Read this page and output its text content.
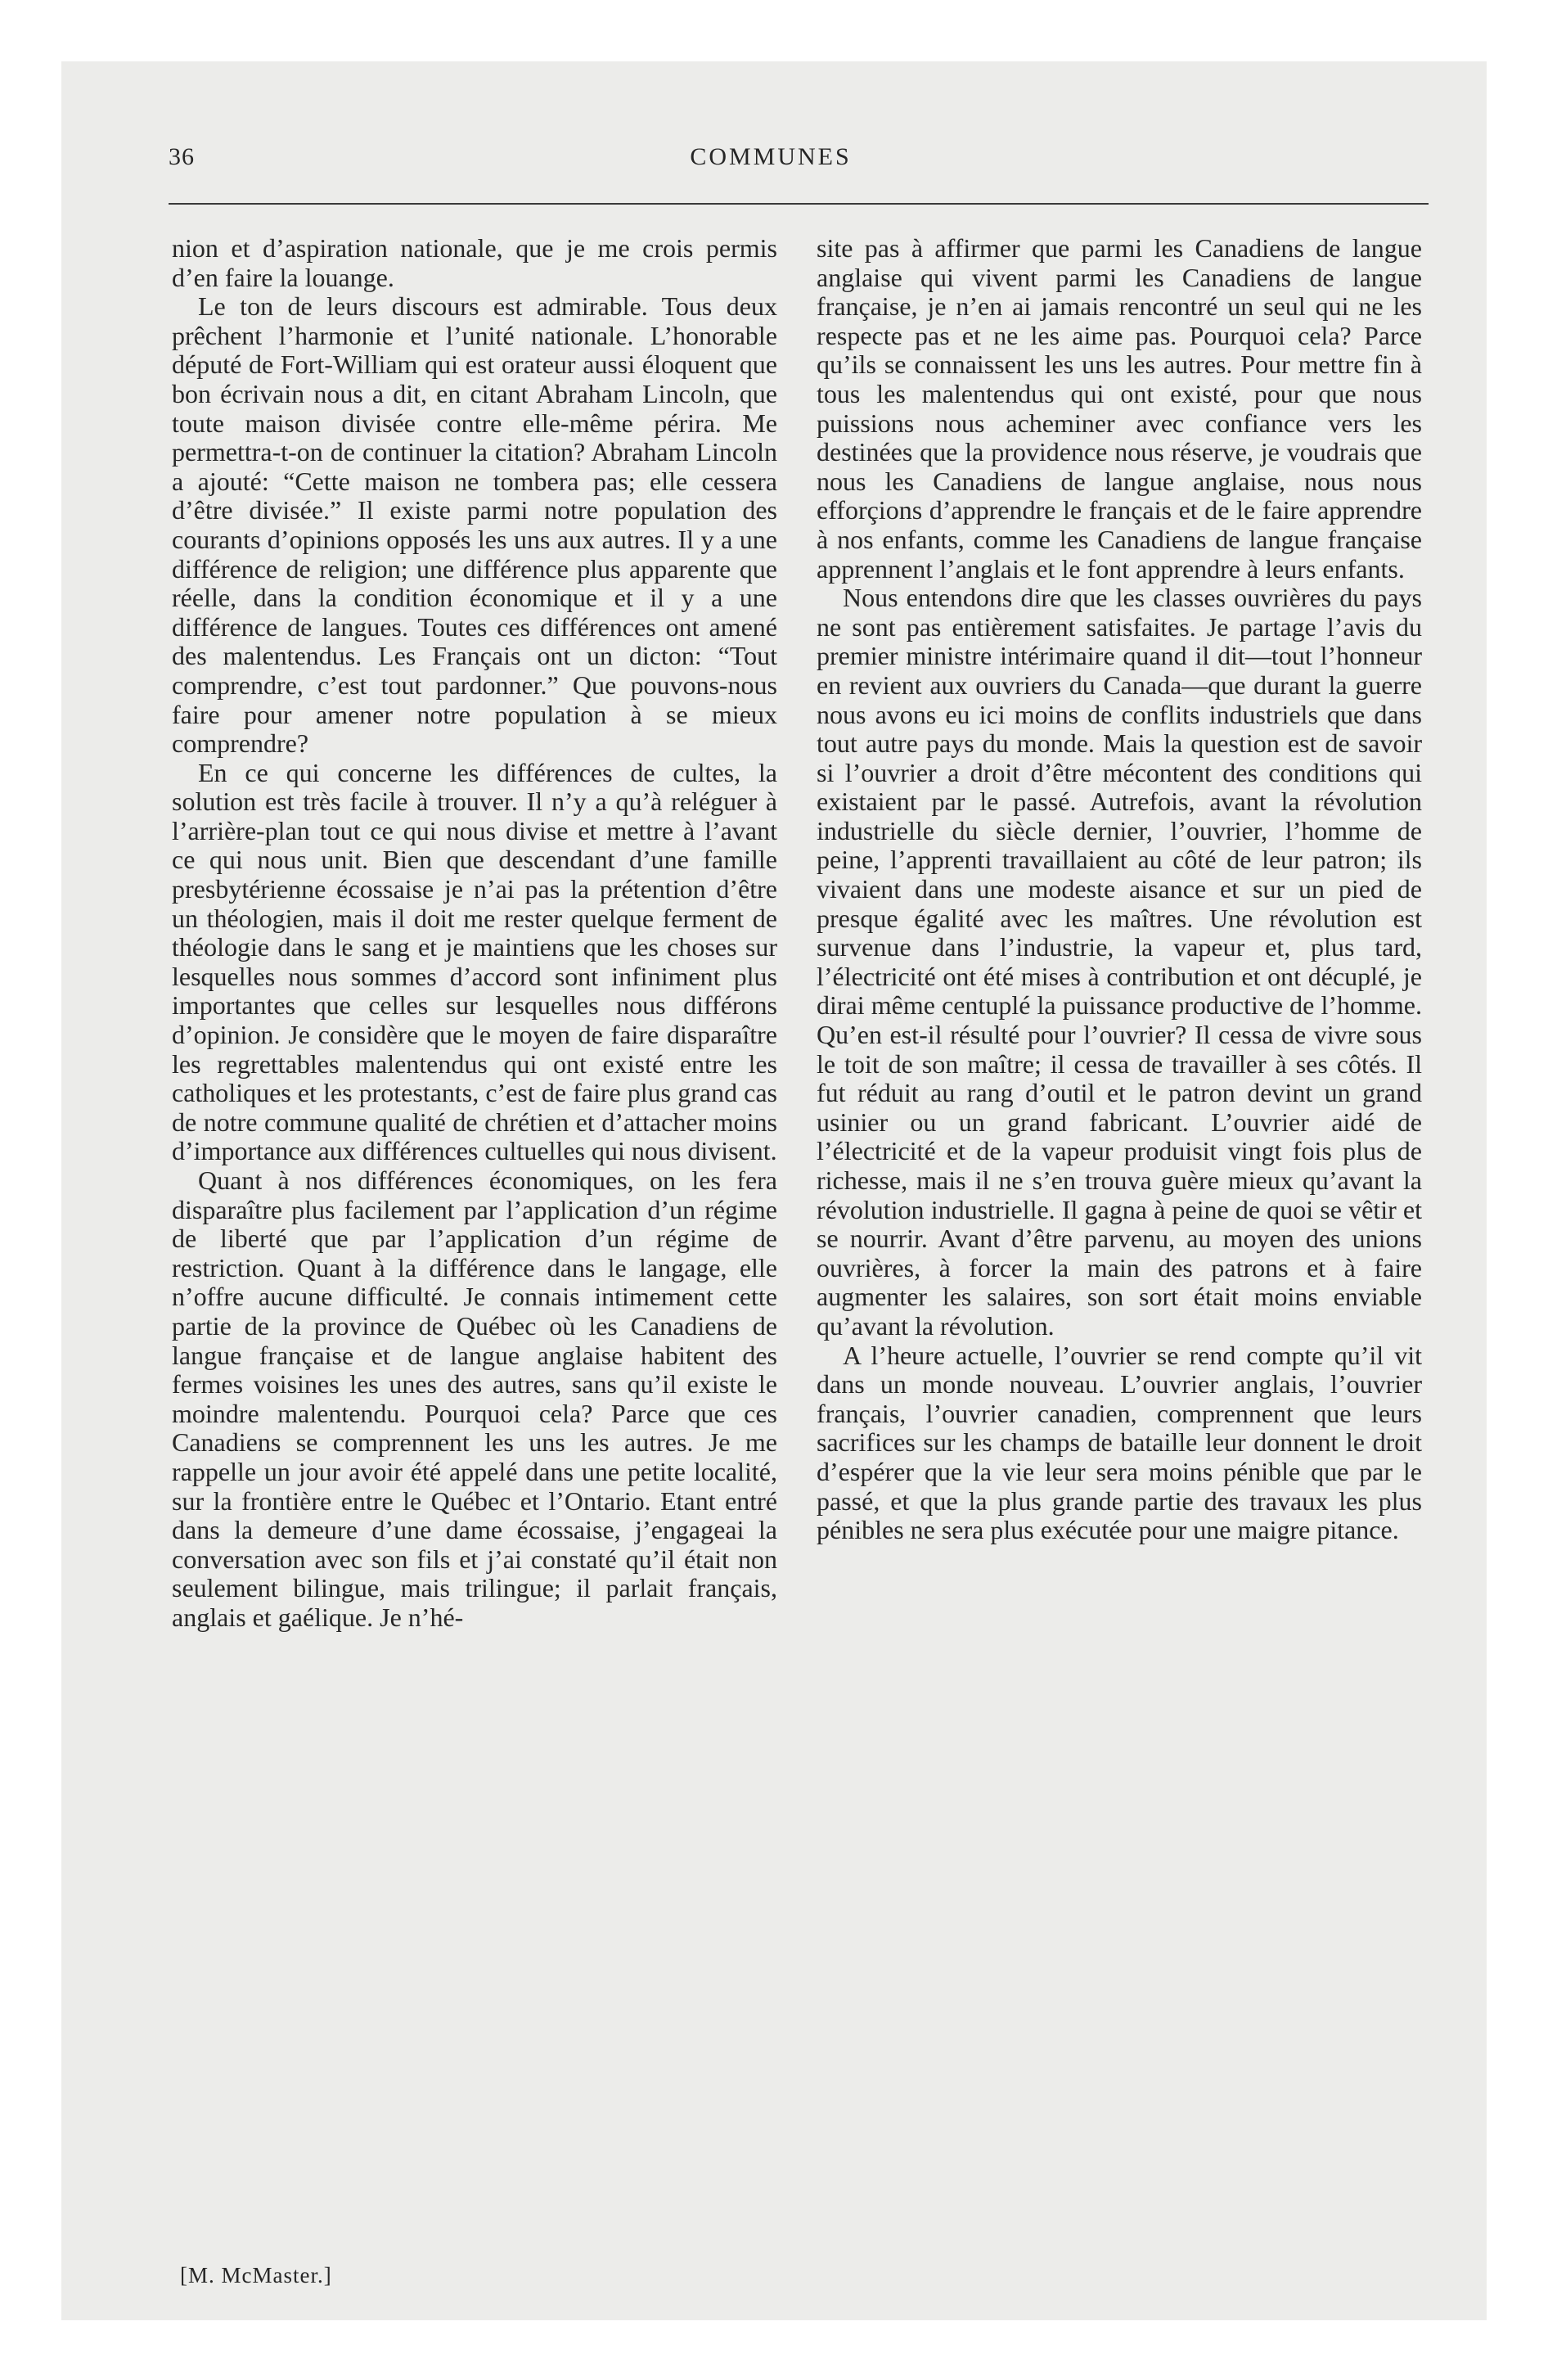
36	COMMUNES

nion et d’aspiration nationale, que je me crois permis d’en faire la louange.

Le ton de leurs discours est admirable. Tous deux prêchent l’harmonie et l’unité nationale. L’honorable député de Fort-William qui est orateur aussi éloquent que bon écrivain nous a dit, en citant Abraham Lincoln, que toute maison divisée contre elle-même périra. Me permettra-t-on de continuer la citation? Abraham Lincoln a ajouté: “Cette maison ne tombera pas; elle cessera d’être divisée.” Il existe parmi notre population des courants d’opinions opposés les uns aux autres. Il y a une différence de religion; une différence plus apparente que réelle, dans la condition économique et il y a une différence de langues. Toutes ces différences ont amené des malentendus. Les Français ont un dicton: “Tout comprendre, c’est tout pardonner.” Que pouvons-nous faire pour amener notre population à se mieux comprendre?

En ce qui concerne les différences de cultes, la solution est très facile à trouver. Il n’y a qu’à reléguer à l’arrière-plan tout ce qui nous divise et mettre à l’avant ce qui nous unit. Bien que descendant d’une famille presbytérienne écossaise je n’ai pas la prétention d’être un théologien, mais il doit me rester quelque ferment de théologie dans le sang et je maintiens que les choses sur lesquelles nous sommes d’accord sont infiniment plus importantes que celles sur lesquelles nous différons d’opinion. Je considère que le moyen de faire disparaître les regrettables malentendus qui ont existé entre les catholiques et les protestants, c’est de faire plus grand cas de notre commune qualité de chrétien et d’attacher moins d’importance aux différences cultuelles qui nous divisent.

Quant à nos différences économiques, on les fera disparaître plus facilement par l’application d’un régime de liberté que par l’application d’un régime de restriction. Quant à la différence dans le langage, elle n’offre aucune difficulté. Je connais intimement cette partie de la province de Québec où les Canadiens de langue française et de langue anglaise habitent des fermes voisines les unes des autres, sans qu’il existe le moindre malentendu. Pourquoi cela? Parce que ces Canadiens se comprennent les uns les autres. Je me rappelle un jour avoir été appelé dans une petite localité, sur la frontière entre le Québec et l’Ontario. Etant entré dans la demeure d’une dame écossaise, j’engageai la conversation avec son fils et j’ai constaté qu’il était non seulement bilingue, mais trilingue; il parlait français, anglais et gaélique. Je n’hé-

site pas à affirmer que parmi les Canadiens de langue anglaise qui vivent parmi les Canadiens de langue française, je n’en ai jamais rencontré un seul qui ne les respecte pas et ne les aime pas. Pourquoi cela? Parce qu’ils se connaissent les uns les autres. Pour mettre fin à tous les malentendus qui ont existé, pour que nous puissions nous acheminer avec confiance vers les destinées que la providence nous réserve, je voudrais que nous les Canadiens de langue anglaise, nous nous efforçions d’apprendre le français et de le faire apprendre à nos enfants, comme les Canadiens de langue française apprennent l’anglais et le font apprendre à leurs enfants.

Nous entendons dire que les classes ouvrières du pays ne sont pas entièrement satisfaites. Je partage l’avis du premier ministre intérimaire quand il dit—tout l’honneur en revient aux ouvriers du Canada—que durant la guerre nous avons eu ici moins de conflits industriels que dans tout autre pays du monde. Mais la question est de savoir si l’ouvrier a droit d’être mécontent des conditions qui existaient par le passé. Autrefois, avant la révolution industrielle du siècle dernier, l’ouvrier, l’homme de peine, l’apprenti travaillaient au côté de leur patron; ils vivaient dans une modeste aisance et sur un pied de presque égalité avec les maîtres. Une révolution est survenue dans l’industrie, la vapeur et, plus tard, l’électricité ont été mises à contribution et ont décuplé, je dirai même centuplé la puissance productive de l’homme. Qu’en est-il résulté pour l’ouvrier? Il cessa de vivre sous le toit de son maître; il cessa de travailler à ses côtés. Il fut réduit au rang d’outil et le patron devint un grand usinier ou un grand fabricant. L’ouvrier aidé de l’électricité et de la vapeur produisit vingt fois plus de richesse, mais il ne s’en trouva guère mieux qu’avant la révolution industrielle. Il gagna à peine de quoi se vêtir et se nourrir. Avant d’être parvenu, au moyen des unions ouvrières, à forcer la main des patrons et à faire augmenter les salaires, son sort était moins enviable qu’avant la révolution.

A l’heure actuelle, l’ouvrier se rend compte qu’il vit dans un monde nouveau. L’ouvrier anglais, l’ouvrier français, l’ouvrier canadien, comprennent que leurs sacrifices sur les champs de bataille leur donnent le droit d’espérer que la vie leur sera moins pénible que par le passé, et que la plus grande partie des travaux les plus pénibles ne sera plus exécutée pour une maigre pitance.

[M. McMaster.]
